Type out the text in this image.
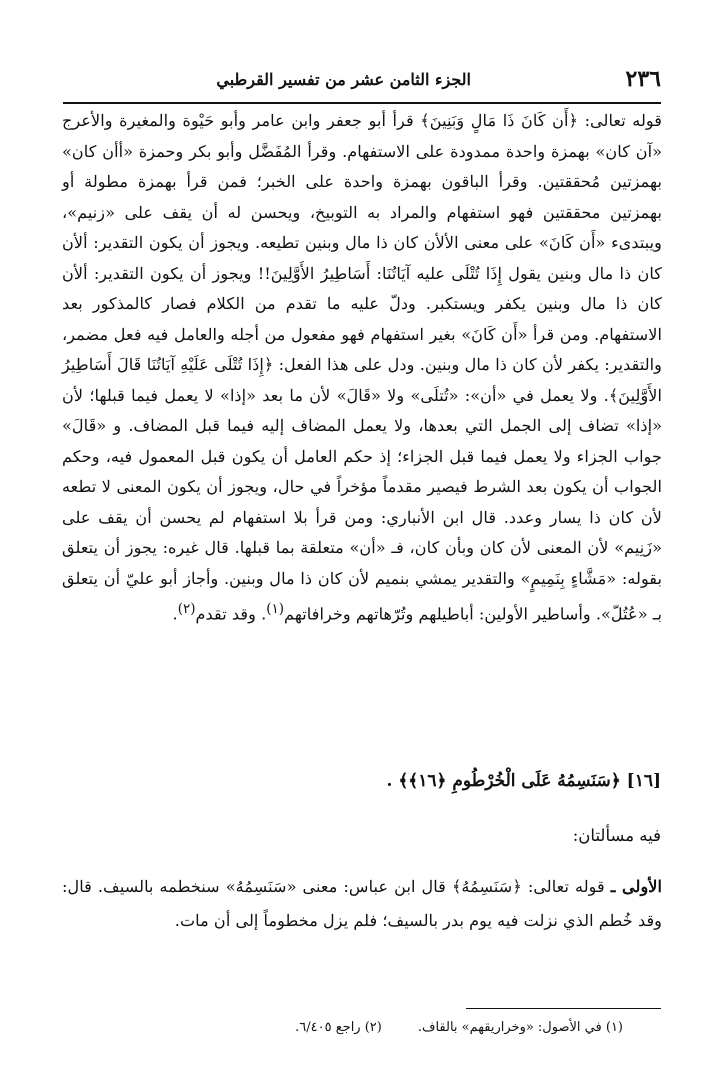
٢٣٦
الجزء الثامن عشر من تفسير القرطبي

قوله تعالى: ﴿أَن كَانَ ذَا مَالٍ وَبَنِينَ﴾ قرأ أبو جعفر وابن عامر وأبو حَيْوة والمغيرة والأعرج «آن كان» بهمزة واحدة ممدودة على الاستفهام. وقرأ المُفَضَّل وأبو بكر وحمزة «أأن كان» بهمزتين مُحققتين. وقرأ الباقون بهمزة واحدة على الخبر؛ فمن قرأ بهمزة مطولة أو بهمزتين محققتين فهو استفهام والمراد به التوبيخ، ويحسن له أن يقف على «زنيم»، ويبتدىء «أَن كَانَ» على معنى الألأن كان ذا مال وبنين تطيعه. ويجوز أن يكون التقدير: ألأن كان ذا مال وبنين يقول إِذَا تُتْلَى عليه آيَاتُنَا: أَسَاطِيرُ الأَوَّلِينَ!! ويجوز أن يكون التقدير: ألأن كان ذا مال وبنين يكفر ويستكبر. ودلّ عليه ما تقدم من الكلام فصار كالمذكور بعد الاستفهام. ومن قرأ «أَن كَانَ» بغير استفهام فهو مفعول من أجله والعامل فيه فعل مضمر، والتقدير: يكفر لأن كان ذا مال وبنين. ودل على هذا الفعل: ﴿إِذَا تُتْلَى عَلَيْهِ آيَاتُنَا قَالَ أَسَاطِيرُ الأَوَّلِينَ﴾. ولا يعمل في «أن»: «تُتلَى» ولا «قَالَ» لأن ما بعد «إذا» لا يعمل فيما قبلها؛ لأن «إذا» تضاف إلى الجمل التي بعدها، ولا يعمل المضاف إليه فيما قبل المضاف. و «قَالَ» جواب الجزاء ولا يعمل فيما قبل الجزاء؛ إذ حكم العامل أن يكون قبل المعمول فيه، وحكم الجواب أن يكون بعد الشرط فيصير مقدماً مؤخراً في حال، ويجوز أن يكون المعنى لا تطعه لأن كان ذا يسار وعدد. قال ابن الأنباري: ومن قرأ بلا استفهام لم يحسن أن يقف على «زَنِيم» لأن المعنى لأن كان وبأن كان، فـ «أن» متعلقة بما قبلها. قال غيره: يجوز أن يتعلق بقوله: «مَشَّاءٍ بِنَمِيمٍ» والتقدير يمشي بنميم لأن كان ذا مال وبنين. وأجاز أبو عليّ أن يتعلق بـ «عُتُلّ». وأساطير الأولين: أباطيلهم وتُرّهاتهم وخرافاتهم$^{(١)}$. وقد تقدم$^{(٢)}$.

[١٦] ﴿سَنَسِمُهُ عَلَى الْخُرْطُومِ ﴿١٦﴾﴾ .
فيه مسألتان:

الأولى ـ قوله تعالى: ﴿سَنَسِمُهُ﴾ قال ابن عباس: معنى «سَنَسِمُهُ» سنخطمه بالسيف. قال: وقد خُطم الذي نزلت فيه يوم بدر بالسيف؛ فلم يزل مخطوماً إلى أن مات.

(١) في الأصول: «وخراريقهم» بالقاف.(٢) راجع ٦/٤٠٥.
